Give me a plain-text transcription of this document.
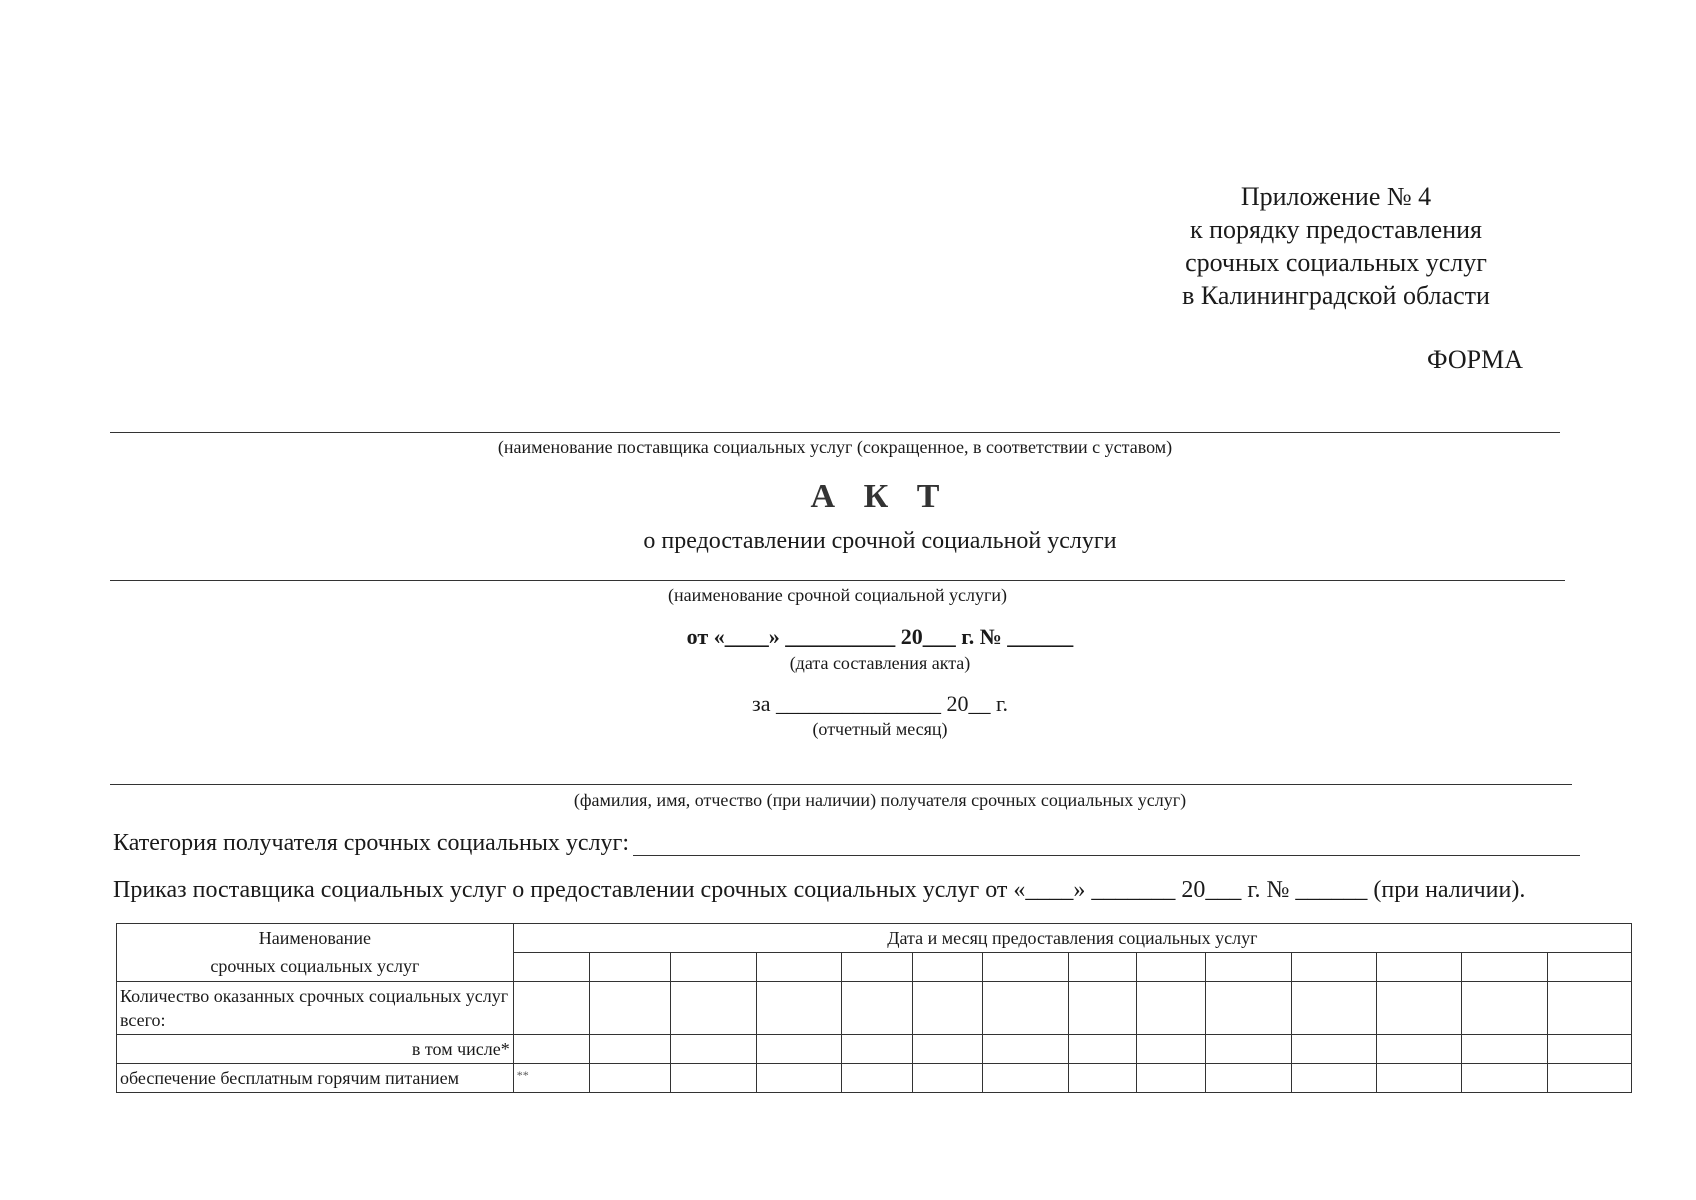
Приложение № 4
к порядку предоставления
срочных социальных услуг
в Калининградской области
ФОРМА
(наименование поставщика социальных услуг (сокращенное, в соответствии с уставом)
А К Т
о предоставлении срочной социальной услуги
(наименование срочной социальной услуги)
от «____» __________ 20___ г. № ______
(дата составления акта)
за _______________ 20__ г.
(отчетный месяц)
(фамилия, имя, отчество (при наличии) получателя срочных социальных услуг)
Категория получателя срочных социальных услуг:
Приказ поставщика социальных услуг о предоставлении срочных социальных услуг от «____» _______ 20___ г. № ______ (при наличии).
Наименование	Дата и месяц предоставления социальных услуг													
срочных социальных услуг														
Количество оказанных срочных социальных услуг всего:														
в том числе*														
обеспечение бесплатным горячим питанием	**													
